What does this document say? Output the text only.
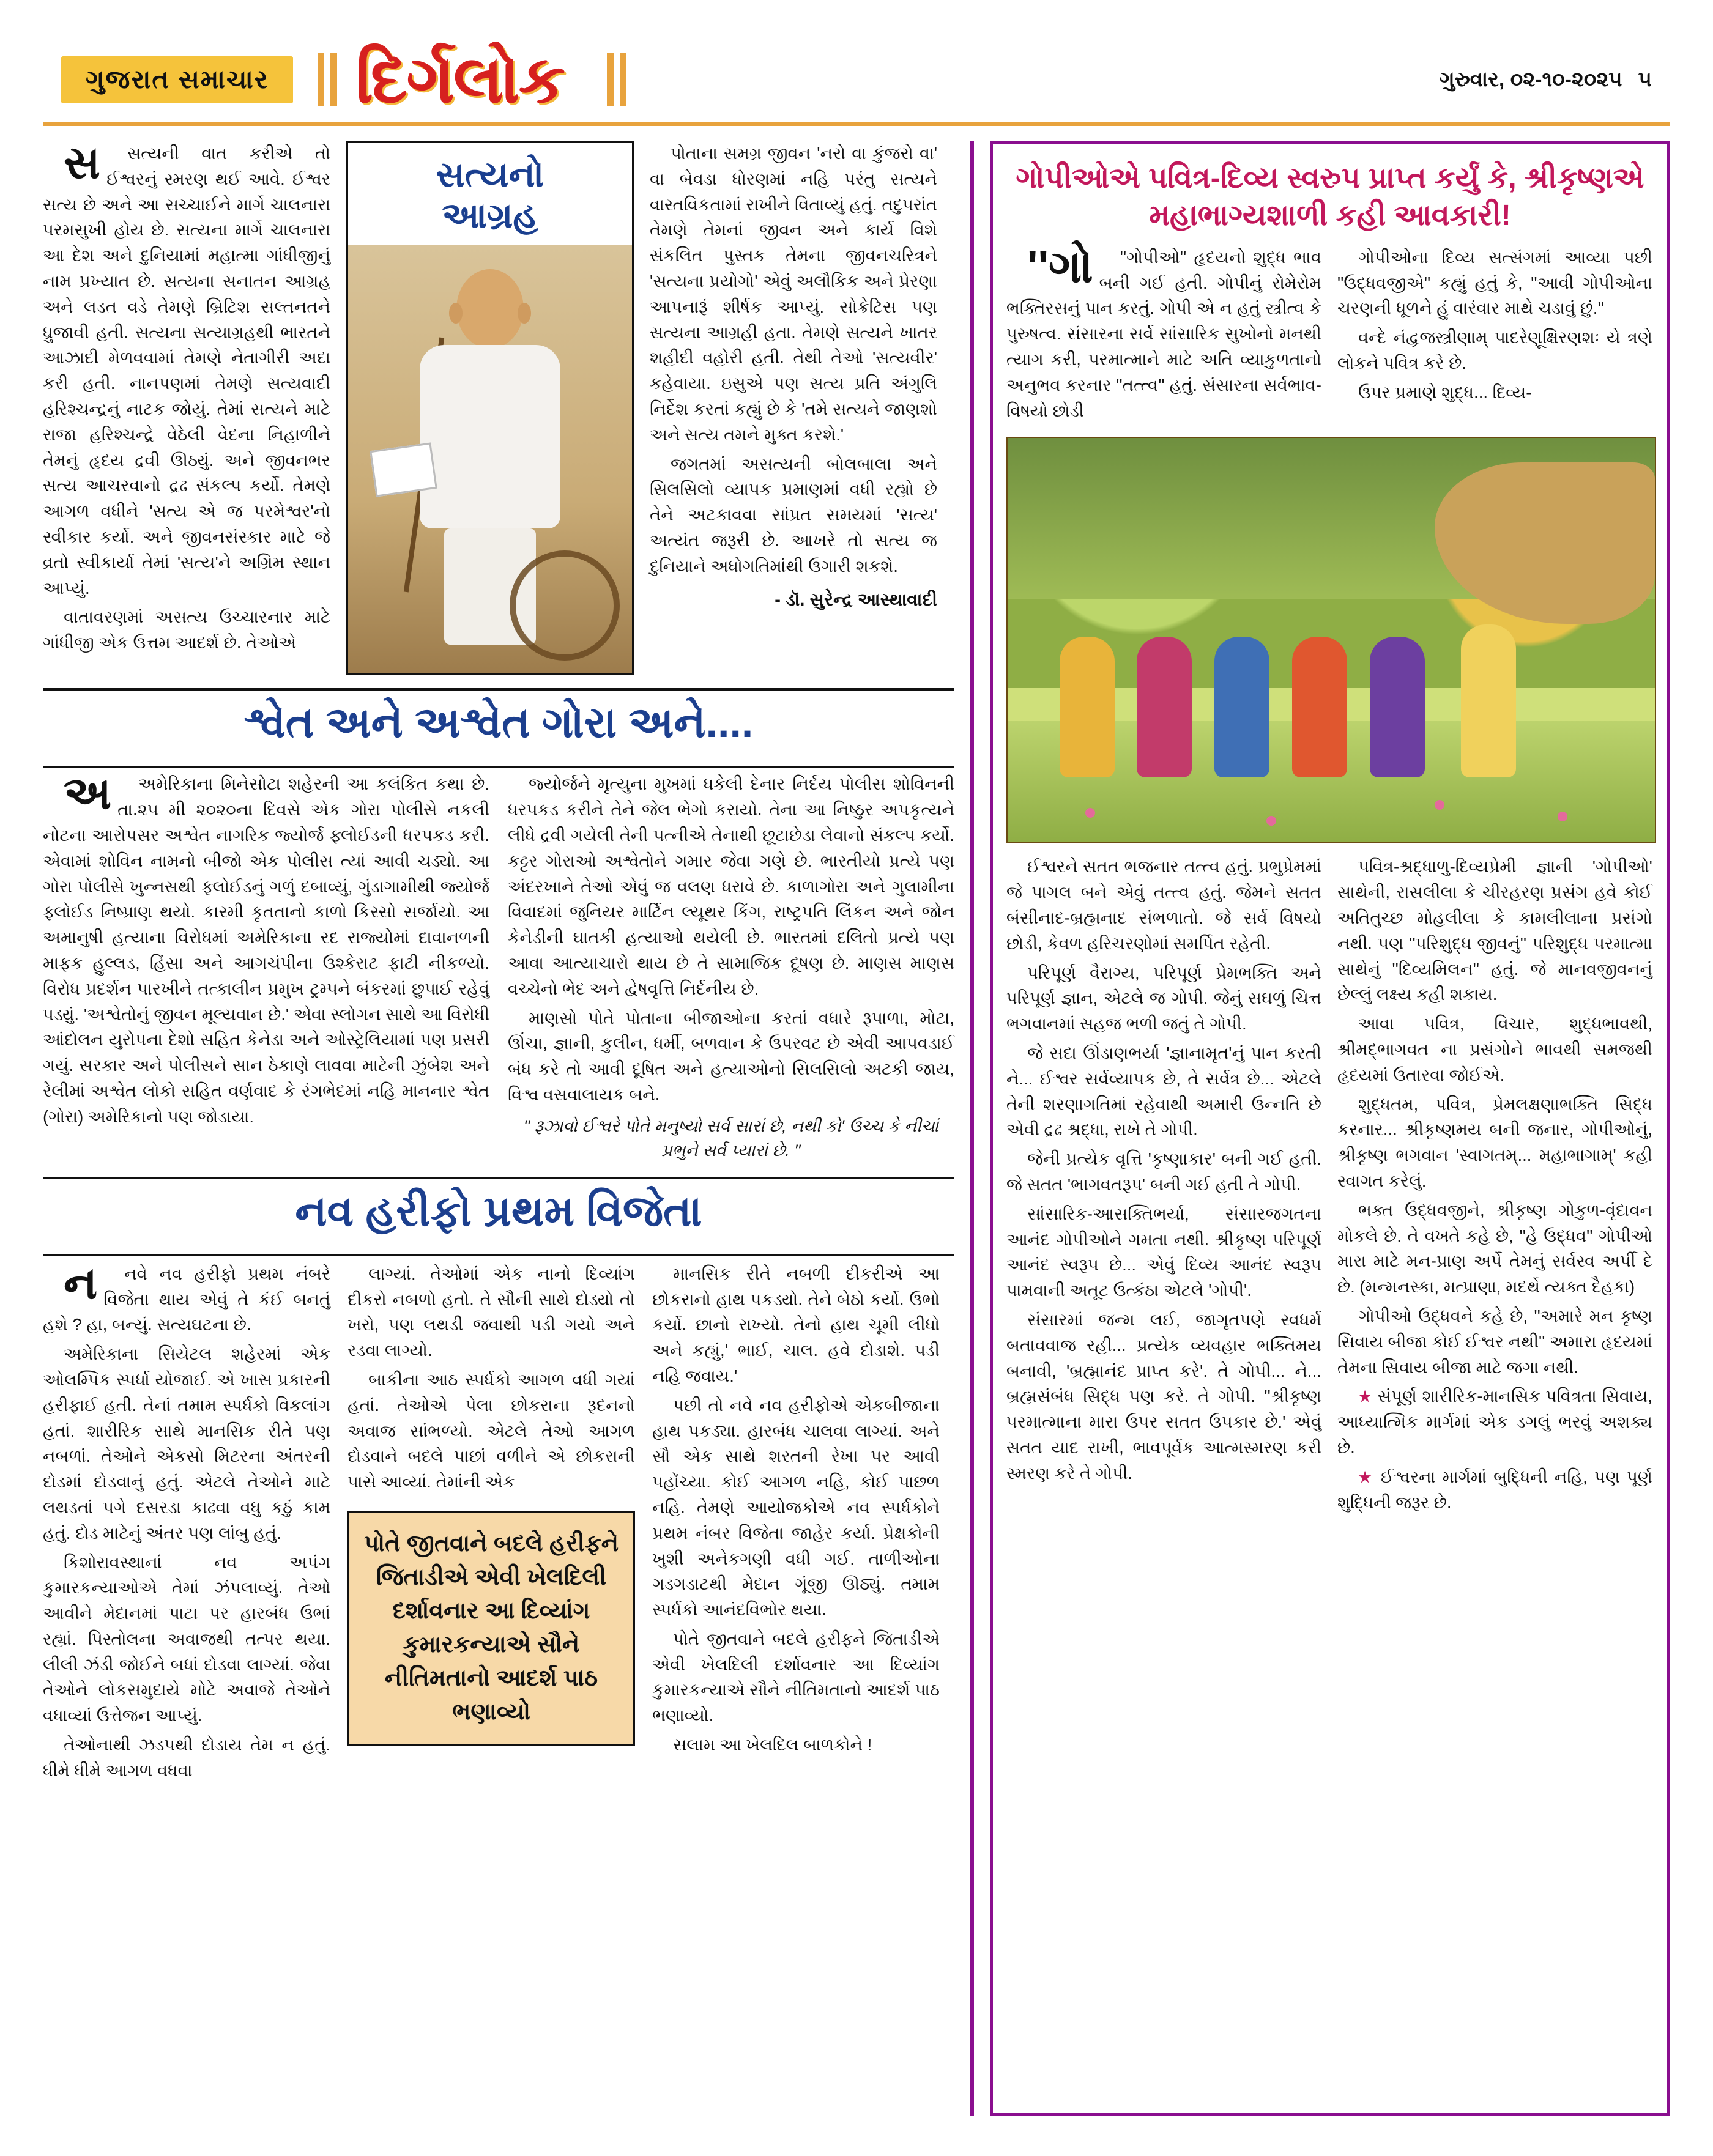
ગુજરાત સમાચાર	દિર્ગલોક	ગુરુવાર, ૦૨-૧૦-૨૦૨૫ ૫

સ	સત્યની વાત કરીએ તો ઈશ્વરનું સ્મરણ થઈ આવે. ઈશ્વર સત્ય છે અને આ સચ્ચાઈને માર્ગે ચાલનારા પરમસુખી હોય છે. સત્યના માર્ગે ચાલનારા આ દેશ અને દુનિયામાં મહાત્મા ગાંધીજીનું નામ પ્રખ્યાત છે. સત્યના સનાતન આગ્રહ અને લડત વડે તેમણે બ્રિટિશ સલ્તનતને ધ્રુજાવી હતી. સત્યના સત્યાગ્રહથી ભારતને આઝાદી મેળવવામાં તેમણે નેતાગીરી અદા કરી હતી. નાનપણમાં તેમણે સત્યવાદી હરિશ્ચન્દ્રનું નાટક જોયું. તેમાં સત્યને માટે રાજા હરિશ્ચન્દ્રે વેઠેલી વેદના નિહાળીને તેમનું હૃદય દ્રવી ઊઠ્યું. અને જીવનભર સત્ય આચરવાનો દ્રઢ સંકલ્પ કર્યો. તેમણે આગળ વધીને 'સત્ય એ જ પરમેશ્વર'નો સ્વીકાર કર્યો. અને જીવનસંસ્કાર માટે જે વ્રતો સ્વીકાર્યા તેમાં 'સત્ય'ને અગ્રિમ સ્થાન આપ્યું.

વાતાવરણમાં અસત્ય ઉચ્ચારનાર માટે ગાંધીજી એક ઉત્તમ આદર્શ છે. તેઓએ

સત્યનો
આગ્રહ

પોતાના સમગ્ર જીવન 'નરો વા કુંજરો વા' વા બેવડા ધોરણમાં નહિ પરંતુ સત્યને વાસ્તવિકતામાં રાખીને વિતાવ્યું હતું. તદુપરાંત તેમણે તેમનાં જીવન અને કાર્ય વિશે સંકલિત પુસ્તક તેમના જીવનચરિત્રને 'સત્યના પ્રયોગો' એવું અલૌકિક અને પ્રેરણા આપનારૂં શીર્ષક આપ્યું. સોક્રેટિસ પણ સત્યના આગ્રહી હતા. તેમણે સત્યને ખાતર શહીદી વહોરી હતી. તેથી તેઓ 'સત્યવીર' કહેવાયા. ઇસુએ પણ સત્ય પ્રતિ અંગુલિ નિર્દેશ કરતાં કહ્યું છે કે 'તમે સત્યને જાણશો અને સત્ય તમને મુક્ત કરશે.'

જગતમાં અસત્યની બોલબાલા અને સિલસિલો વ્યાપક પ્રમાણમાં વધી રહ્યો છે તેને અટકાવવા સાંપ્રત સમયમાં 'સત્ય' અત્યંત જરૂરી છે. આખરે તો સત્ય જ દુનિયાને અધોગતિમાંથી ઉગારી શકશે.

- ડૉ. સુરેન્દ્ર આસ્થાવાદી
શ્વેત અને અશ્વેત ગોરા અને....

અ	અમેરિકાના મિનેસોટા શહેરની આ કલંકિત કથા છે. તા.૨૫ મી ૨૦૨૦ના દિવસે એક ગોરા પોલીસે નકલી નોટના આરોપસર અશ્વેત નાગરિક જ્યોર્જ ફ્લોઈડની ધરપકડ કરી. એવામાં શોવિન નામનો બીજો એક પોલીસ ત્યાં આવી ચડ્યો. આ ગોરા પોલીસે ખુન્નસથી ફ્લોઈડનું ગળું દબાવ્યું, ગુંડાગામીથી જ્યોર્જ ફ્લોઈડ નિષ્પ્રાણ થયો. કાસ્મી કૃતતાનો કાળો કિસ્સો સર્જાયો. આ અમાનુષી હત્યાના વિરોધમાં અમેરિકાના રદ રાજ્યોમાં દાવાનળની માફક હુલ્લડ, હિંસા અને આગચંપીના ઉશ્કેરાટ ફાટી નીકળ્યો. વિરોધ પ્રદર્શન પારખીને તત્કાલીન પ્રમુખ ટ્રમ્પને બંકરમાં છુપાઈ રહેવું પડ્યું. 'અશ્વેતોનું જીવન મૂલ્યવાન છે.' એવા સ્લોગન સાથે આ વિરોધી આંદોલન યુરોપના દેશો સહિત કેનેડા અને ઓસ્ટ્રેલિયામાં પણ પ્રસરી ગયું. સરકાર અને પોલીસને સાન ઠેકાણે લાવવા માટેની ઝુંબેશ અને રેલીમાં અશ્વેત લોકો સહિત વર્ણવાદ કે રંગભેદમાં નહિ માનનાર શ્વેત (ગોરા) અમેરિકાનો પણ જોડાયા.

જ્યોર્જને મૃત્યુના મુખમાં ધકેલી દેનાર નિર્દય પોલીસ શોવિનની ધરપકડ કરીને તેને જેલ ભેગો કરાયો. તેના આ નિષ્ઠુર અપકૃત્યને લીધે દ્રવી ગયેલી તેની પત્નીએ તેનાથી છૂટાછેડા લેવાનો સંકલ્પ કર્યો. કટ્ટર ગોરાઓ અશ્વેતોને ગમાર જેવા ગણે છે. ભારતીયો પ્રત્યે પણ અંદરખાને તેઓ એવું જ વલણ ધરાવે છે. કાળાગોરા અને ગુલામીના વિવાદમાં જુનિયર માર્ટિન લ્યૂથર કિંગ, રાષ્ટ્રપતિ લિંકન અને જોન કેનેડીની ઘાતકી હત્યાઓ થયેલી છે. ભારતમાં દલિતો પ્રત્યે પણ આવા આત્યાચારો થાય છે તે સામાજિક દૂષણ છે. માણસ માણસ વચ્ચેનો ભેદ અને દ્વેષવૃત્તિ નિર્દનીય છે.

માણસો પોતે પોતાના બીજાઓના કરતાં વધારે રૂપાળા, મોટા, ઊંચા, જ્ઞાની, કુલીન, ધર્મી, બળવાન કે ઉપરવટ છે એવી આપવડાઈ બંધ કરે તો આવી દૂષિત અને હત્યાઓનો સિલસિલો અટકી જાય, વિશ્વ વસવાલાયક બને.

'' રૂઝાવો ઈશ્વરે પોતે મનુષ્યો સર્વ સારાં છે, નથી કો' ઉચ્ચ કે નીચાં પ્રભુને સર્વ પ્યારાં છે. ''
નવ હરીફો પ્રથમ વિજેતા

ન	નવે નવ હરીફો પ્રથમ નંબરે વિજેતા થાય એવું તે કંઈ બનતું હશે ? હા, બન્યું. સત્યઘટના છે.

અમેરિકાના સિયેટલ શહેરમાં એક ઓલમ્પિક સ્પર્ધા યોજાઈ. એ ખાસ પ્રકારની હરીફાઈ હતી. તેનાં તમામ સ્પર્ધકો વિકલાંગ હતાં. શારીરિક સાથે માનસિક રીતે પણ નબળાં. તેઓને એકસો મિટરના અંતરની દોડમાં દોડવાનું હતું. એટલે તેઓને માટે લથડતાં પગે દસરડા કાઢવા વધુ કઠું કામ હતું. દોડ માટેનું અંતર પણ લાંબુ હતું.

કિશોરાવસ્થાનાં નવ અપંગ કુમારકન્યાઓએ તેમાં ઝંપલાવ્યું. તેઓ આવીને મેદાનમાં પાટા પર હારબંધ ઉભાં રહ્યાં. પિસ્તોલના અવાજથી તત્પર થયા. લીલી ઝંડી જોઈને બધાં દોડવા લાગ્યાં. જેવા તેઓને લોકસમુદાયે મોટે અવાજે તેઓને વધાવ્યાં ઉત્તેજન આપ્યું.

તેઓનાથી ઝડપથી દોડાય તેમ ન હતું. ધીમે ધીમે આગળ વધવા

લાગ્યાં. તેઓમાં એક નાનો દિવ્યાંગ દીકરો નબળો હતો. તે સૌની સાથે દોડ્યો તો ખરો, પણ લથડી જવાથી પડી ગયો અને રડવા લાગ્યો.

બાકીના આઠ સ્પર્ધકો આગળ વધી ગયાં હતાં. તેઓએ પેલા છોકરાના રૂદનનો અવાજ સાંભળ્યો. એટલે તેઓ આગળ દોડવાને બદલે પાછાં વળીને એ છોકરાની પાસે આવ્યાં. તેમાંની એક

પોતે જીતવાને બદલે હરીફને જિતાડીએ એવી ખેલદિલી દર્શાવનાર આ દિવ્યાંગ કુમારકન્યાએ સૌને નીતિમતાનો આદર્શ પાઠ ભણાવ્યો

માનસિક રીતે નબળી દીકરીએ આ છોકરાનો હાથ પકડ્યો. તેને બેઠો કર્યો. ઉભો કર્યો. છાનો રાખ્યો. તેનો હાથ ચૂમી લીધો અને કહ્યું,' ભાઈ, ચાલ. હવે દોડાશે. પડી નહિ જવાય.'

પછી તો નવે નવ હરીફોએ એકબીજાના હાથ પકડ્યા. હારબંધ ચાલવા લાગ્યાં. અને સૌ એક સાથે શરતની રેખા પર આવી પહોંચ્યા. કોઈ આગળ નહિ, કોઈ પાછળ નહિ. તેમણે આયોજકોએ નવ સ્પર્ધકોને પ્રથમ નંબર વિજેતા જાહેર કર્યા. પ્રેક્ષકોની ખુશી અનેકગણી વધી ગઈ. તાળીઓના ગડગડાટથી મેદાન ગૂંજી ઊઠ્યું. તમામ સ્પર્ધકો આનંદવિભોર થયા.

પોતે જીતવાને બદલે હરીફને જિતાડીએ એવી ખેલદિલી દર્શાવનાર આ દિવ્યાંગ કુમારકન્યાએ સૌને નીતિમતાનો આદર્શ પાઠ ભણાવ્યો.

સલામ આ ખેલદિલ બાળકોને !

ગોપીઓએ પવિત્ર-દિવ્ય સ્વરુપ પ્રાપ્ત કર્યું કે, શ્રીકૃષ્ણએ મહાભાગ્યશાળી કહી આવકારી!

''ગો	''ગોપીઓ'' હૃદયનો શુદ્ધ ભાવ બની ગઈ હતી. ગોપીનું રોમેરોમ ભક્તિરસનું પાન કરતું. ગોપી એ ન હતું સ્ત્રીત્વ કે પુરુષત્વ. સંસારના સર્વ સાંસારિક સુખોનો મનથી ત્યાગ કરી, પરમાત્માને માટે અતિ વ્યાકુળતાનો અનુભવ કરનાર ''તત્ત્વ'' હતું. સંસારના સર્વભાવ-વિષયો છોડી

ગોપીઓના દિવ્ય સત્સંગમાં આવ્યા પછી ''ઉદ્ધવજીએ'' કહ્યું હતું કે, ''આવી ગોપીઓના ચરણની ધૂળને હું વારંવાર માથે ચડાવું છું.''

વન્દે નંદ્વ્રજસ્ત્રીણામ્ પાદરેણૂક્ષિરણશઃ યે ત્રણે લોકને પવિત્ર કરે છે.

ઉપર પ્રમાણે શુદ્ધ... દિવ્ય-

ઈશ્વરને સતત ભજનાર તત્ત્વ હતું. પ્રભુપ્રેમમાં જે પાગલ બને એવું તત્ત્વ હતું. જેમને સતત બંસીનાદ-બ્રહ્મનાદ સંભળાતો. જે સર્વ વિષયો છોડી, કેવળ હરિચરણોમાં સમર્પિત રહેતી.

પરિપૂર્ણ વૈરાગ્ય, પરિપૂર્ણ પ્રેમભક્તિ અને પરિપૂર્ણ જ્ઞાન, એટલે જ ગોપી. જેનું સઘળું ચિત્ત ભગવાનમાં સહજ ભળી જતું તે ગોપી.

જે સદા ઊંડાણભર્યા 'જ્ઞાનામૃત'નું પાન કરતી ને... ઈશ્વર સર્વવ્યાપક છે, તે સર્વત્ર છે... એટલે તેની શરણાગતિમાં રહેવાથી અમારી ઉન્નતિ છે એવી દ્રઢ શ્રદ્ધા, રાખે તે ગોપી.

જેની પ્રત્યેક વૃત્તિ 'કૃષ્ણાકાર' બની ગઈ હતી. જે સતત 'ભાગવતરૂપ' બની ગઈ હતી તે ગોપી.

સાંસારિક-આસક્તિભર્યા, સંસારજગતના આનંદ ગોપીઓને ગમતા નથી. શ્રીકૃષ્ણ પરિપૂર્ણ આનંદ સ્વરૂપ છે... એવું દિવ્ય આનંદ સ્વરૂપ પામવાની અતૂટ ઉત્કંઠા એટલે 'ગોપી'.

સંસારમાં જન્મ લઈ, જાગૃતપણે સ્વધર્મ બતાવવાજ રહી... પ્રત્યેક વ્યવહાર ભક્તિમય બનાવી, 'બ્રહ્માનંદ પ્રાપ્ત કરે'. તે ગોપી... ને... બ્રહ્મસંબંધ સિદ્ધ પણ કરે. તે ગોપી. ''શ્રીકૃષ્ણ પરમાત્માના મારા ઉપર સતત ઉપકાર છે.' એવું સતત યાદ રાખી, ભાવપૂર્વક આત્મસ્મરણ કરી સ્મરણ કરે તે ગોપી.

પવિત્ર-શ્રદ્ધાળુ-દિવ્યપ્રેમી જ્ઞાની 'ગોપીઓ' સાથેની, રાસલીલા કે ચીરહરણ પ્રસંગ હવે કોઈ અતિતુચ્છ મોહલીલા કે કામલીલાના પ્રસંગો નથી. પણ ''પરિશુદ્ધ જીવનું'' પરિશુદ્ધ પરમાત્મા સાથેનું ''દિવ્યમિલન'' હતું. જે માનવજીવનનું છેલ્લું લક્ષ્ય કહી શકાય.

આવા પવિત્ર, વિચાર, શુદ્ધભાવથી, શ્રીમદ્ભાગવત ના પ્રસંગોને ભાવથી સમજથી હૃદયમાં ઉતારવા જોઈએ.

શુદ્ધતમ, પવિત્ર, પ્રેમલક્ષણાભક્તિ સિદ્ધ કરનાર... શ્રીકૃષ્ણમય બની જનાર, ગોપીઓનું, શ્રીકૃષ્ણ ભગવાન 'સ્વાગતમ્... મહાભાગામ્' કહી સ્વાગત કરેલું.

ભક્ત ઉદ્ધવજીને, શ્રીકૃષ્ણ ગોકુળ-વૃંદાવન મોકલે છે. તે વખતે કહે છે, ''હે ઉદ્ધવ'' ગોપીઓ મારા માટે મન-પ્રાણ અર્પે તેમનું સર્વસ્વ અર્પી દે છે. (મન્મનસ્કા, મત્પ્રાણા, મદર્થે ત્યક્ત દૈહકા)

ગોપીઓ ઉદ્ધવને કહે છે, ''અમારે મન કૃષ્ણ સિવાય બીજા કોઈ ઈશ્વર નથી'' અમારા હૃદયમાં તેમના સિવાય બીજા માટે જગા નથી.

★ સંપૂર્ણ શારીરિક-માનસિક પવિત્રતા સિવાય, આધ્યાત્મિક માર્ગમાં એક ડગલું ભરવું અશક્ય છે.

★ ઈશ્વરના માર્ગમાં બુદ્ધિની નહિ, પણ પૂર્ણ શુદ્ધિની જરૂર છે.
